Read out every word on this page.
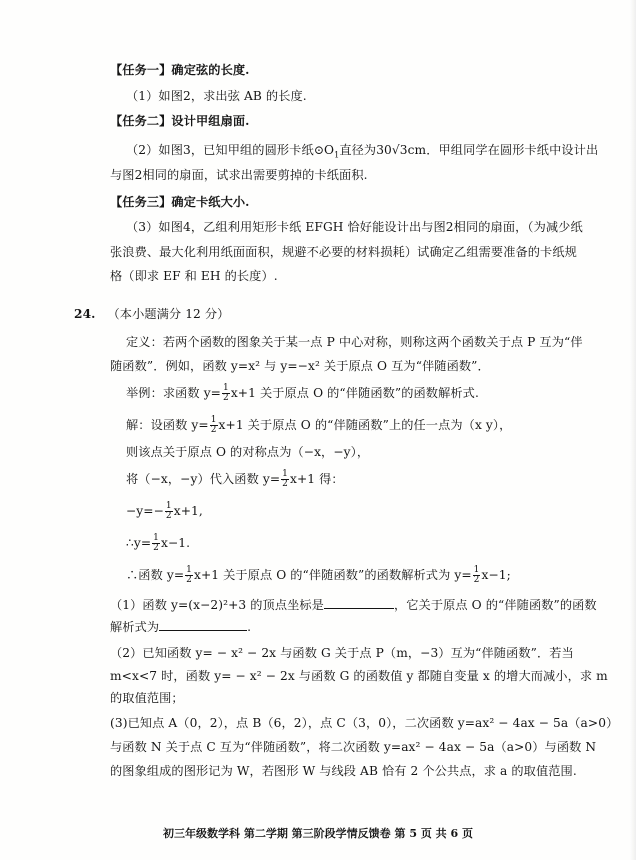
【任务一】确定弦的长度.
（1）如图2，求出弦 AB 的长度.
【任务二】设计甲组扇面.
（2）如图3，已知甲组的圆形卡纸$⊙O_1$直径为30√3cm．甲组同学在圆形卡纸中设计出
与图2相同的扇面，试求出需要剪掉的卡纸面积.
【任务三】确定卡纸大小.
（3）如图4，乙组利用矩形卡纸 EFGH 恰好能设计出与图2相同的扇面，（为减少纸
张浪费、最大化利用纸面面积，规避不必要的材料损耗）试确定乙组需要准备的卡纸规
格（即求 EF 和 EH 的长度）.
24. （本小题满分 12 分）
定义：若两个函数的图象关于某一点 P 中心对称，则称这两个函数关于点 P 互为“伴
随函数”．例如，函数 y=x² 与 y=−x² 关于原点 O 互为“伴随函数”．
举例：求函数 $y= \frac{1}{2} x+1$ 关于原点 O 的“伴随函数”的函数解析式.
解：设函数 $y= \frac{1}{2} x+1$ 关于原点 O 的“伴随函数”上的任一点为（x y），
则该点关于原点 O 的对称点为（−x，−y），
将（−x，−y）代入函数 $y= \frac{1}{2} x+1$ 得：
$-y=- \frac{1}{2} x+1$,
∴y= $\frac{1}{2} x-1$.
∴函数 $y= \frac{1}{2} x+1$ 关于原点 O 的“伴随函数”的函数解析式为 $y= \frac{1}{2} x-1$;
（1）函数 y=(x−2)²+3 的顶点坐标是	，它关于原点 O 的“伴随函数”的函数
解析式为	.
（2）已知函数 y= − x² − 2x 与函数 G 关于点 P（m，−3）互为“伴随函数”．若当
m<x<7 时，函数 y= − x² − 2x 与函数 G 的函数值 y 都随自变量 x 的增大而减小，求 m
的取值范围；
(3)已知点 A（0，2），点 B（6，2），点 C（3，0），二次函数 y=ax² − 4ax − 5a（a>0）
与函数 N 关于点 C 互为“伴随函数”，将二次函数 y=ax² − 4ax − 5a（a>0）与函数 N
的图象组成的图形记为 W，若图形 W 与线段 AB 恰有 2 个公共点，求 a 的取值范围.
初三年级数学科 第二学期 第三阶段学情反馈卷 第 5 页 共 6 页
